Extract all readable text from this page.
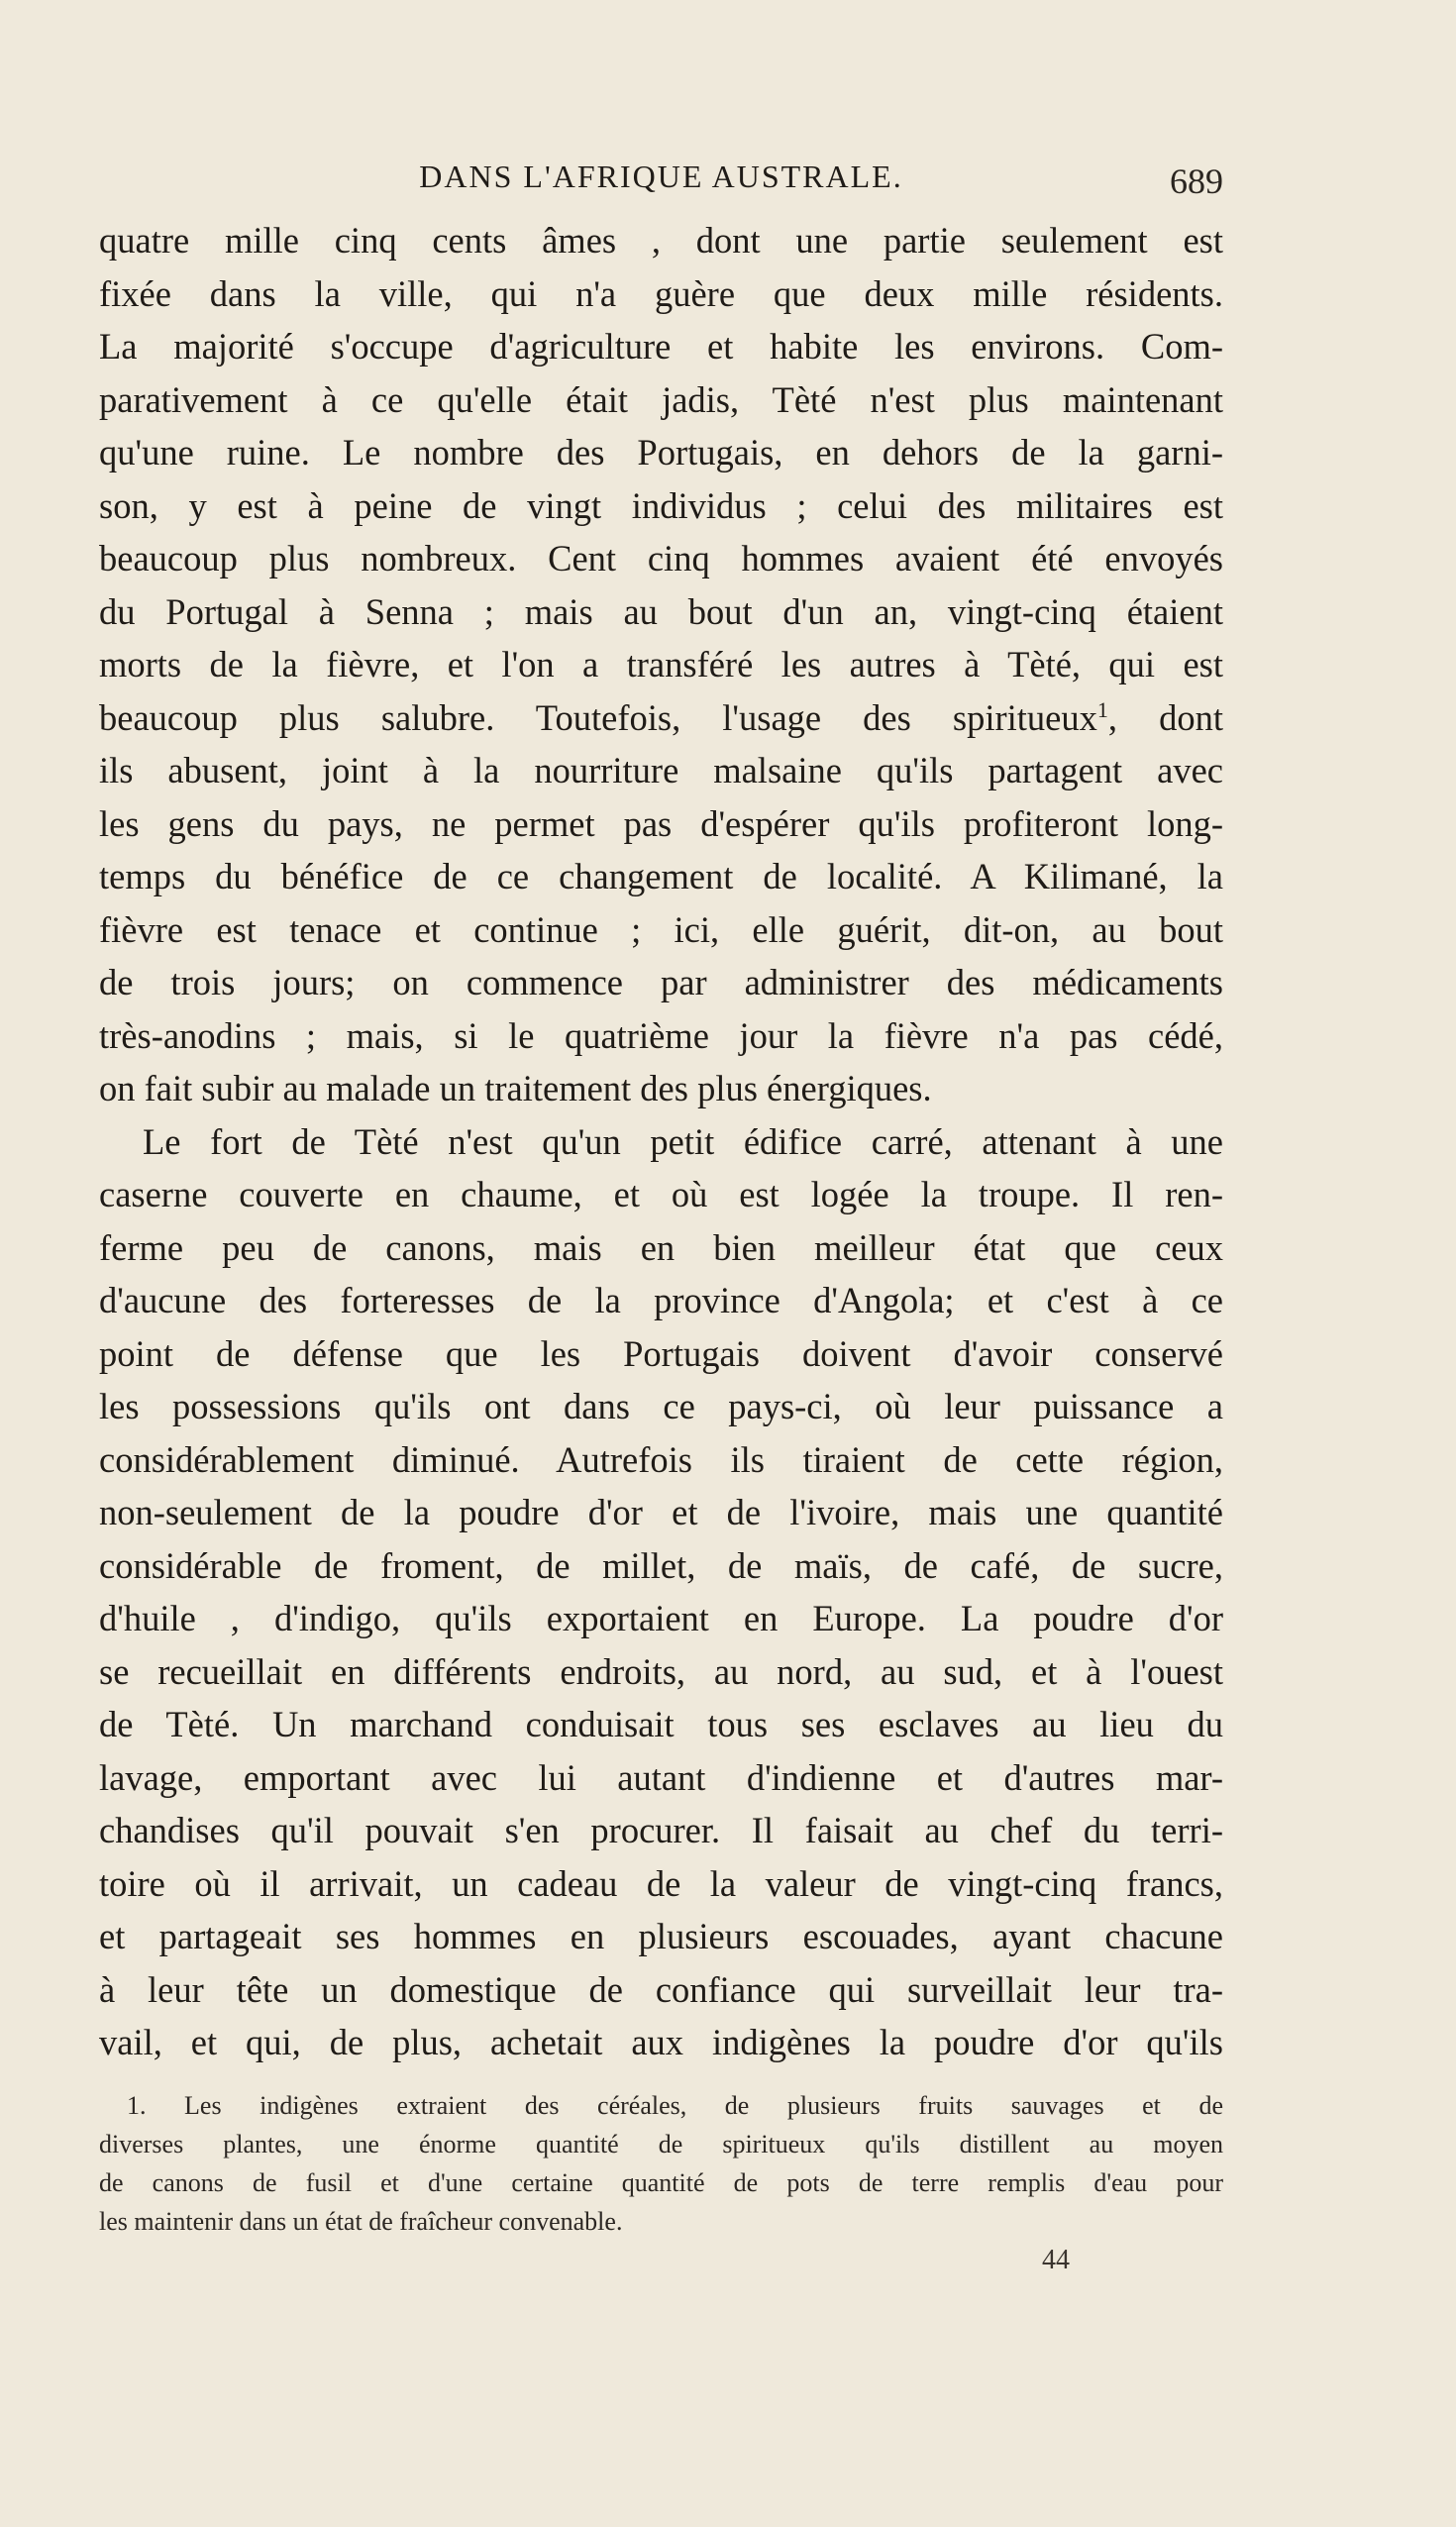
DANS L'AFRIQUE AUSTRALE.	689
quatre mille cinq cents âmes , dont une partie seulement est
fixée dans la ville, qui n'a guère que deux mille résidents.
La majorité s'occupe d'agriculture et habite les environs. Com-
parativement à ce qu'elle était jadis, Tèté n'est plus maintenant
qu'une ruine. Le nombre des Portugais, en dehors de la garni-
son, y est à peine de vingt individus ; celui des militaires est
beaucoup plus nombreux. Cent cinq hommes avaient été envoyés
du Portugal à Senna ; mais au bout d'un an, vingt-cinq étaient
morts de la fièvre, et l'on a transféré les autres à Tèté, qui est
beaucoup plus salubre. Toutefois, l'usage des spiritueux$^1$, dont
ils abusent, joint à la nourriture malsaine qu'ils partagent avec
les gens du pays, ne permet pas d'espérer qu'ils profiteront long-
temps du bénéfice de ce changement de localité. A Kilimané, la
fièvre est tenace et continue ; ici, elle guérit, dit-on, au bout
de trois jours; on commence par administrer des médicaments
très-anodins ; mais, si le quatrième jour la fièvre n'a pas cédé,
on fait subir au malade un traitement des plus énergiques.
Le fort de Tèté n'est qu'un petit édifice carré, attenant à une
caserne couverte en chaume, et où est logée la troupe. Il ren-
ferme peu de canons, mais en bien meilleur état que ceux
d'aucune des forteresses de la province d'Angola; et c'est à ce
point de défense que les Portugais doivent d'avoir conservé
les possessions qu'ils ont dans ce pays-ci, où leur puissance a
considérablement diminué. Autrefois ils tiraient de cette région,
non-seulement de la poudre d'or et de l'ivoire, mais une quantité
considérable de froment, de millet, de maïs, de café, de sucre,
d'huile , d'indigo, qu'ils exportaient en Europe. La poudre d'or
se recueillait en différents endroits, au nord, au sud, et à l'ouest
de Tèté. Un marchand conduisait tous ses esclaves au lieu du
lavage, emportant avec lui autant d'indienne et d'autres mar-
chandises qu'il pouvait s'en procurer. Il faisait au chef du terri-
toire où il arrivait, un cadeau de la valeur de vingt-cinq francs,
et partageait ses hommes en plusieurs escouades, ayant chacune
à leur tête un domestique de confiance qui surveillait leur tra-
vail, et qui, de plus, achetait aux indigènes la poudre d'or qu'ils
1. Les indigènes extraient des céréales, de plusieurs fruits sauvages et de
diverses plantes, une énorme quantité de spiritueux qu'ils distillent au moyen
de canons de fusil et d'une certaine quantité de pots de terre remplis d'eau pour
les maintenir dans un état de fraîcheur convenable.
44
